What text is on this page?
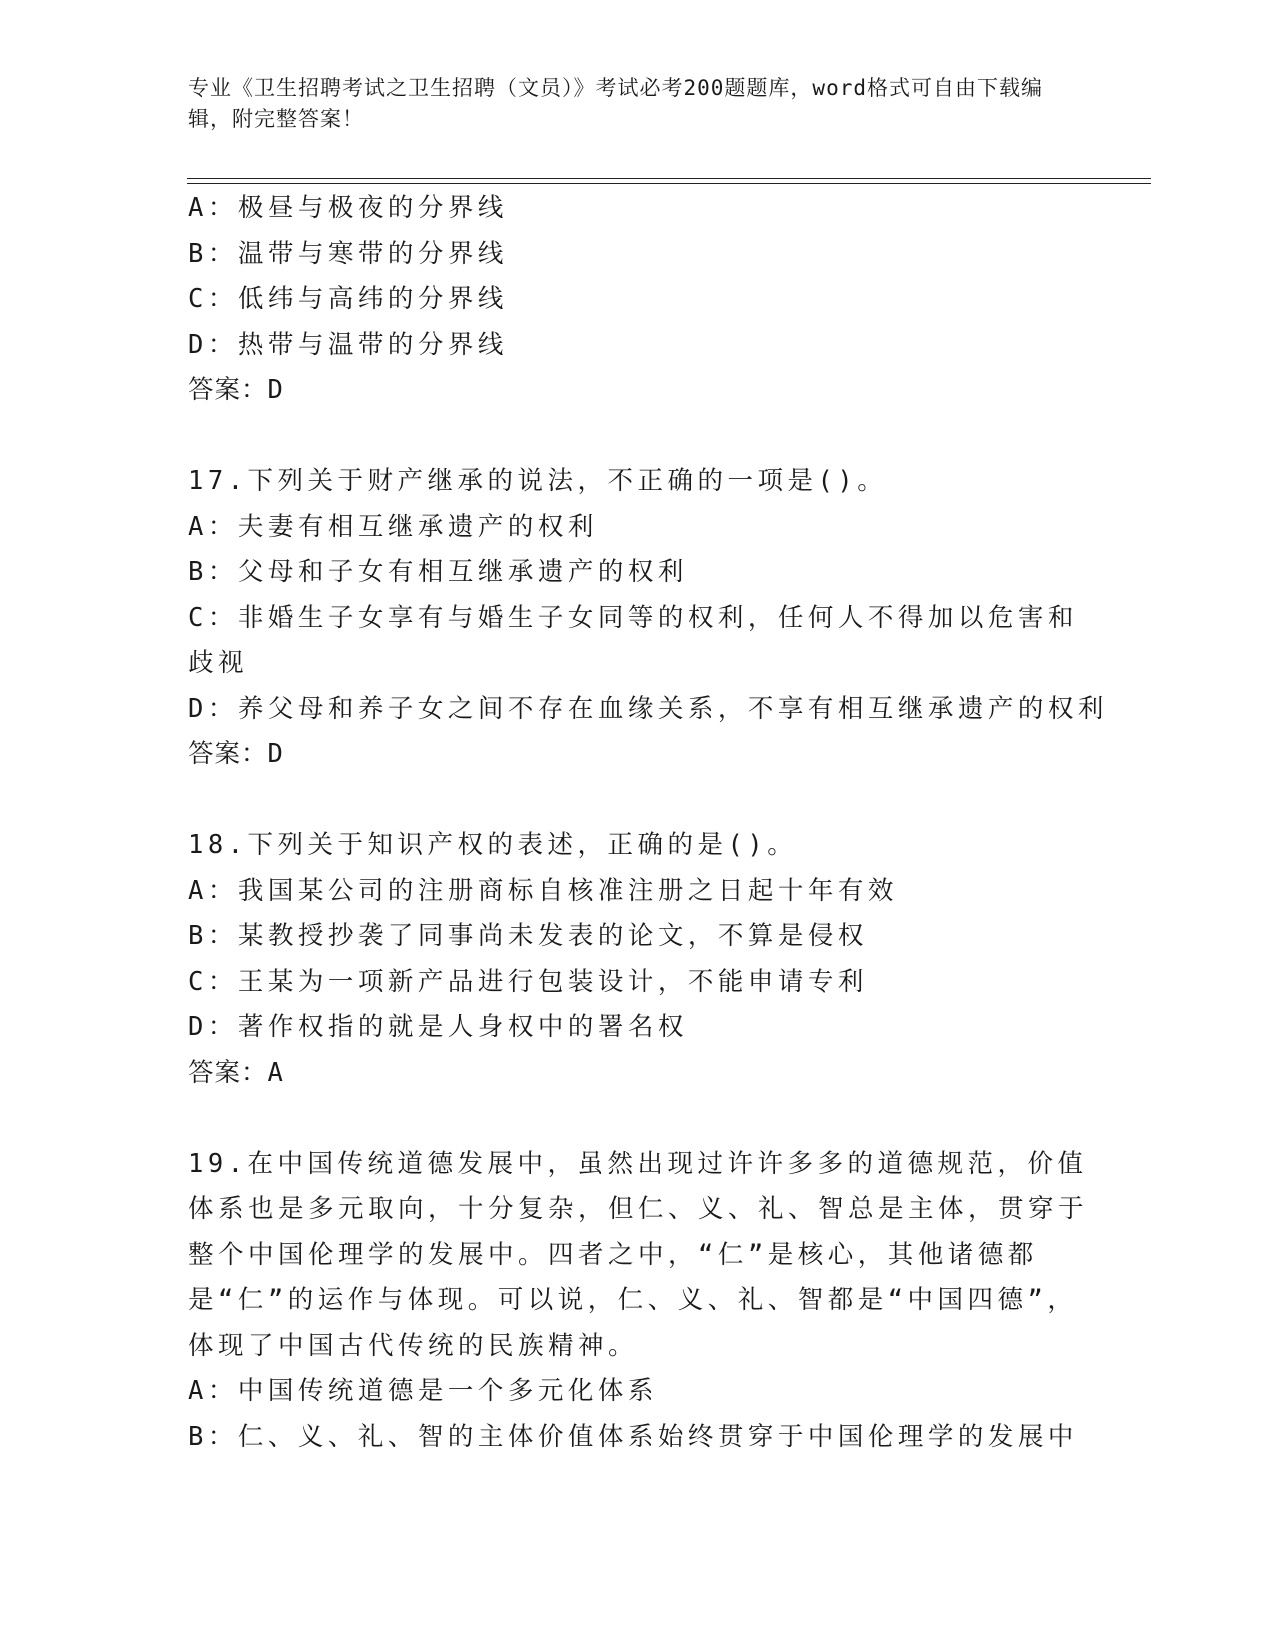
专业《卫生招聘考试之卫生招聘（文员）》考试必考200题题库，word格式可自由下载编辑，附完整答案！
A：极昼与极夜的分界线
B：温带与寒带的分界线
C：低纬与高纬的分界线
D：热带与温带的分界线
答案：D
17.下列关于财产继承的说法，不正确的一项是()。
A：夫妻有相互继承遗产的权利
B：父母和子女有相互继承遗产的权利
C：非婚生子女享有与婚生子女同等的权利，任何人不得加以危害和歧视
D：养父母和养子女之间不存在血缘关系，不享有相互继承遗产的权利
答案：D
18.下列关于知识产权的表述，正确的是()。
A：我国某公司的注册商标自核准注册之日起十年有效
B：某教授抄袭了同事尚未发表的论文，不算是侵权
C：王某为一项新产品进行包装设计，不能申请专利
D：著作权指的就是人身权中的署名权
答案：A
19.在中国传统道德发展中，虽然出现过许许多多的道德规范，价值体系也是多元取向，十分复杂，但仁、义、礼、智总是主体，贯穿于整个中国伦理学的发展中。四者之中，“仁”是核心，其他诸德都是“仁”的运作与体现。可以说，仁、义、礼、智都是“中国四德”，体现了中国古代传统的民族精神。
A：中国传统道德是一个多元化体系
B：仁、义、礼、智的主体价值体系始终贯穿于中国伦理学的发展中
